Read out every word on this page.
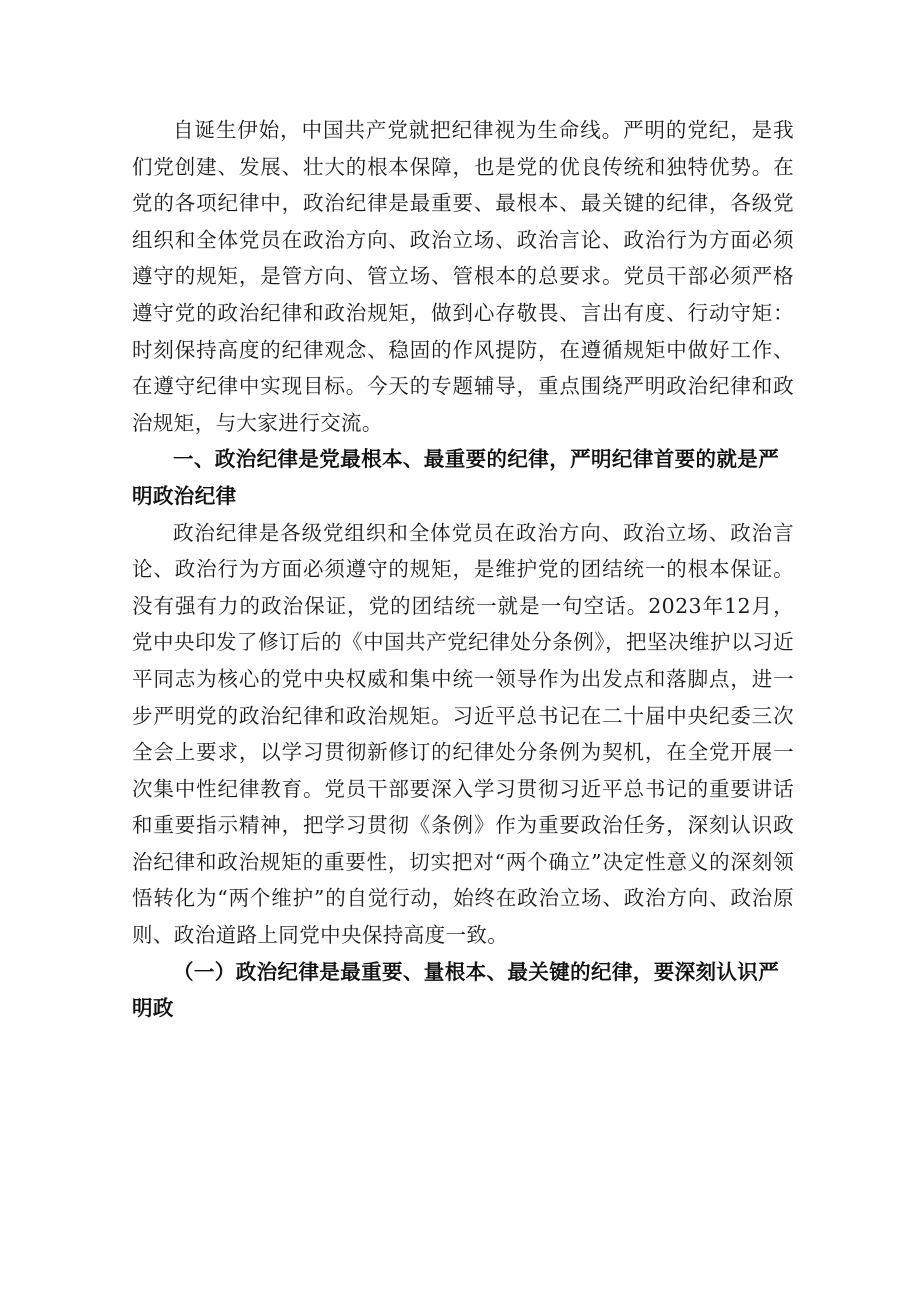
自诞生伊始，中国共产党就把纪律视为生命线。严明的党纪，是我们党创建、发展、壮大的根本保障，也是党的优良传统和独特优势。在党的各项纪律中，政治纪律是最重要、最根本、最关键的纪律，各级党组织和全体党员在政治方向、政治立场、政治言论、政治行为方面必须遵守的规矩，是管方向、管立场、管根本的总要求。党员干部必须严格遵守党的政治纪律和政治规矩，做到心存敬畏、言出有度、行动守矩：时刻保持高度的纪律观念、稳固的作风提防，在遵循规矩中做好工作、在遵守纪律中实现目标。今天的专题辅导，重点围绕严明政治纪律和政治规矩，与大家进行交流。

一、政治纪律是党最根本、最重要的纪律，严明纪律首要的就是严明政治纪律

政治纪律是各级党组织和全体党员在政治方向、政治立场、政治言论、政治行为方面必须遵守的规矩，是维护党的团结统一的根本保证。没有强有力的政治保证，党的团结统一就是一句空话。2023年12月，党中央印发了修订后的《中国共产党纪律处分条例》，把坚决维护以习近平同志为核心的党中央权威和集中统一领导作为出发点和落脚点，进一步严明党的政治纪律和政治规矩。习近平总书记在二十届中央纪委三次全会上要求，以学习贯彻新修订的纪律处分条例为契机，在全党开展一次集中性纪律教育。党员干部要深入学习贯彻习近平总书记的重要讲话和重要指示精神，把学习贯彻《条例》作为重要政治任务，深刻认识政治纪律和政治规矩的重要性，切实把对“两个确立”决定性意义的深刻领悟转化为“两个维护”的自觉行动，始终在政治立场、政治方向、政治原则、政治道路上同党中央保持高度一致。

（一）政治纪律是最重要、量根本、最关键的纪律，要深刻认识严明政
